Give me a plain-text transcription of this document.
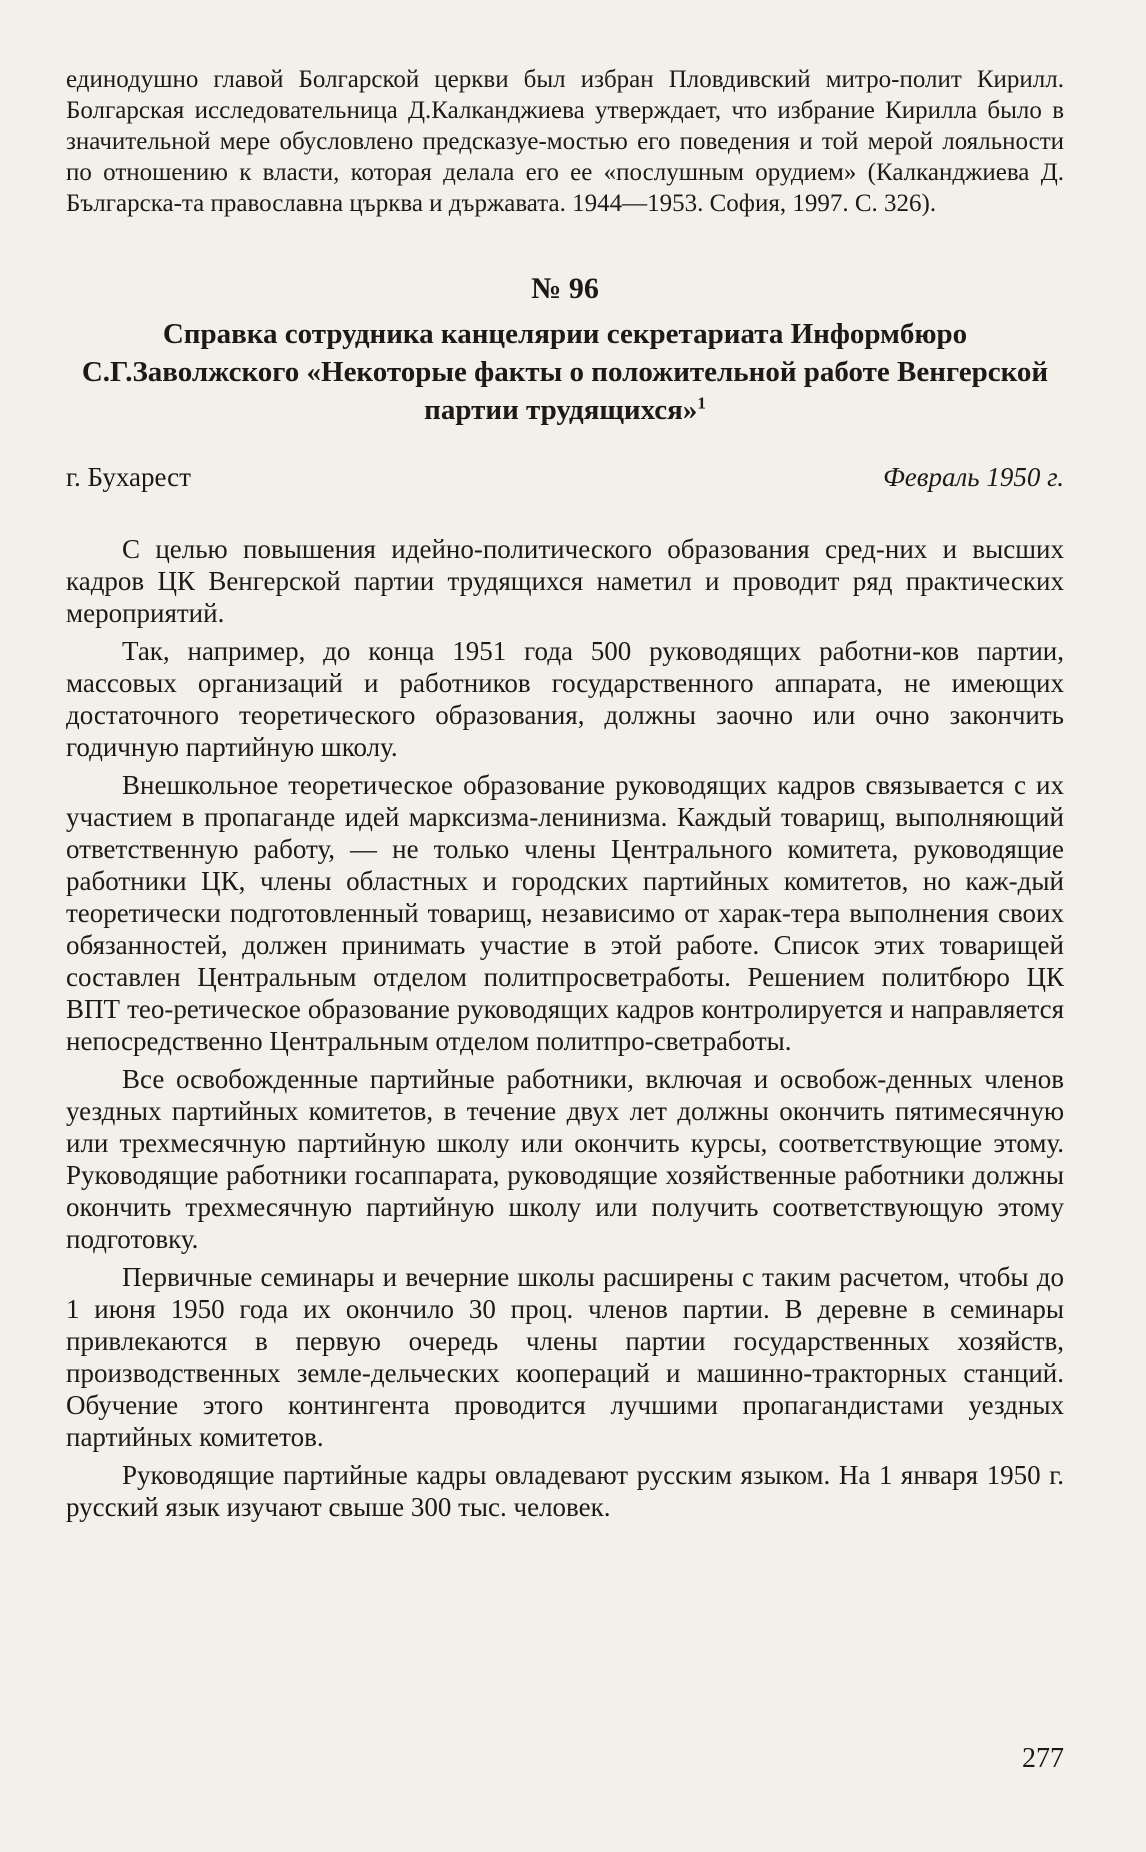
единодушно главой Болгарской церкви был избран Пловдивский митро-полит Кирилл. Болгарская исследовательница Д.Калканджиева утверждает, что избрание Кирилла было в значительной мере обусловлено предсказуе-мостью его поведения и той мерой лояльности по отношению к власти, которая делала его ее «послушным орудием» (Калканджиева Д. Българска-та православна църква и държавата. 1944—1953. София, 1997. С. 326).

№ 96
Справка сотрудника канцелярии секретариата Информбюро С.Г.Заволжского «Некоторые факты о положительной работе Венгерской партии трудящихся»$^1$
г. Бухарест	Февраль 1950 г.

С целью повышения идейно-политического образования сред-них и высших кадров ЦК Венгерской партии трудящихся наметил и проводит ряд практических мероприятий.

Так, например, до конца 1951 года 500 руководящих работни-ков партии, массовых организаций и работников государственного аппарата, не имеющих достаточного теоретического образования, должны заочно или очно закончить годичную партийную школу.

Внешкольное теоретическое образование руководящих кадров связывается с их участием в пропаганде идей марксизма-ленинизма. Каждый товарищ, выполняющий ответственную работу, — не только члены Центрального комитета, руководящие работники ЦК, члены областных и городских партийных комитетов, но каж-дый теоретически подготовленный товарищ, независимо от харак-тера выполнения своих обязанностей, должен принимать участие в этой работе. Список этих товарищей составлен Центральным отделом политпросветработы. Решением политбюро ЦК ВПТ тео-ретическое образование руководящих кадров контролируется и направляется непосредственно Центральным отделом политпро-светработы.

Все освобожденные партийные работники, включая и освобож-денных членов уездных партийных комитетов, в течение двух лет должны окончить пятимесячную или трехмесячную партийную школу или окончить курсы, соответствующие этому. Руководящие работники госаппарата, руководящие хозяйственные работники должны окончить трехмесячную партийную школу или получить соответствующую этому подготовку.

Первичные семинары и вечерние школы расширены с таким расчетом, чтобы до 1 июня 1950 года их окончило 30 проц. членов партии. В деревне в семинары привлекаются в первую очередь члены партии государственных хозяйств, производственных земле-дельческих коопераций и машинно-тракторных станций. Обучение этого контингента проводится лучшими пропагандистами уездных партийных комитетов.

Руководящие партийные кадры овладевают русским языком. На 1 января 1950 г. русский язык изучают свыше 300 тыс. человек.

277
